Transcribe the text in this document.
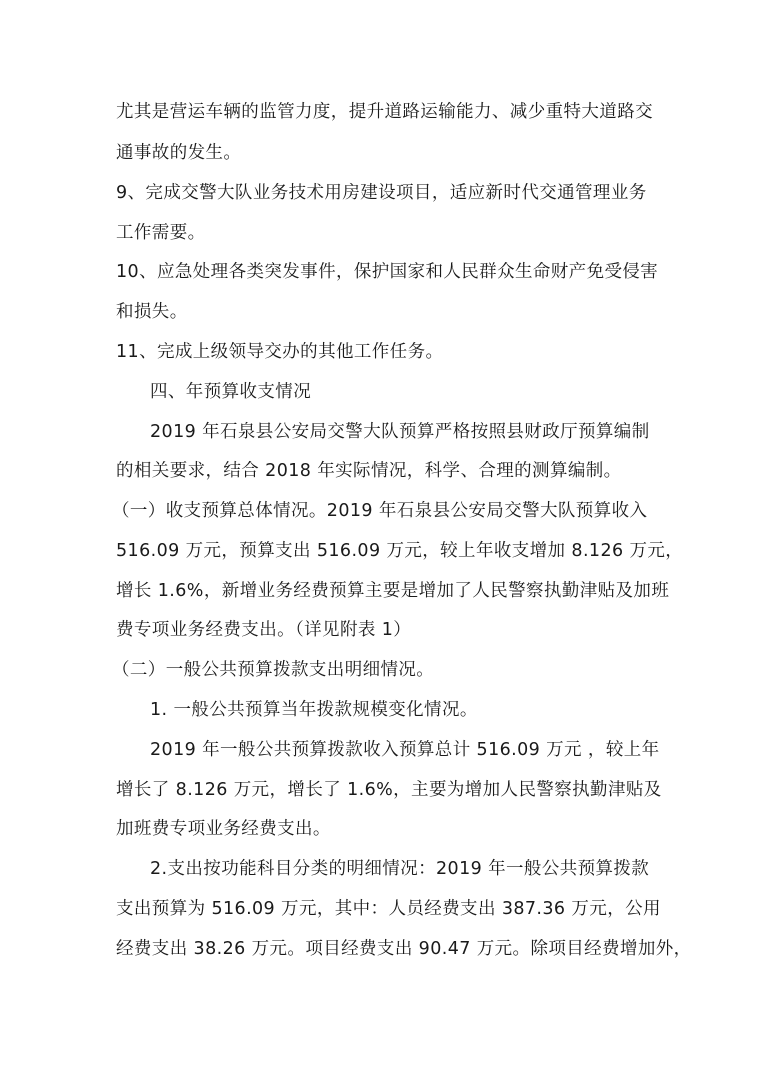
尤其是营运车辆的监管力度，提升道路运输能力、减少重特大道路交

通事故的发生。

9、完成交警大队业务技术用房建设项目，适应新时代交通管理业务

工作需要。

10、应急处理各类突发事件，保护国家和人民群众生命财产免受侵害

和损失。

11、完成上级领导交办的其他工作任务。

四、年预算收支情况

2019 年石泉县公安局交警大队预算严格按照县财政厅预算编制

的相关要求，结合 2018 年实际情况，科学、合理的测算编制。

（一）收支预算总体情况。2019 年石泉县公安局交警大队预算收入

516.09 万元，预算支出 516.09 万元，较上年收支增加 8.126 万元，

增长 1.6%，新增业务经费预算主要是增加了人民警察执勤津贴及加班

费专项业务经费支出。（详见附表 1）

（二）一般公共预算拨款支出明细情况。

1. 一般公共预算当年拨款规模变化情况。

2019 年一般公共预算拨款收入预算总计 516.09 万元 ，较上年

增长了 8.126 万元，增长了 1.6%，主要为增加人民警察执勤津贴及

加班费专项业务经费支出。

2.支出按功能科目分类的明细情况：2019 年一般公共预算拨款

支出预算为 516.09 万元，其中：人员经费支出 387.36 万元，公用

经费支出 38.26 万元。项目经费支出 90.47 万元。除项目经费增加外，
